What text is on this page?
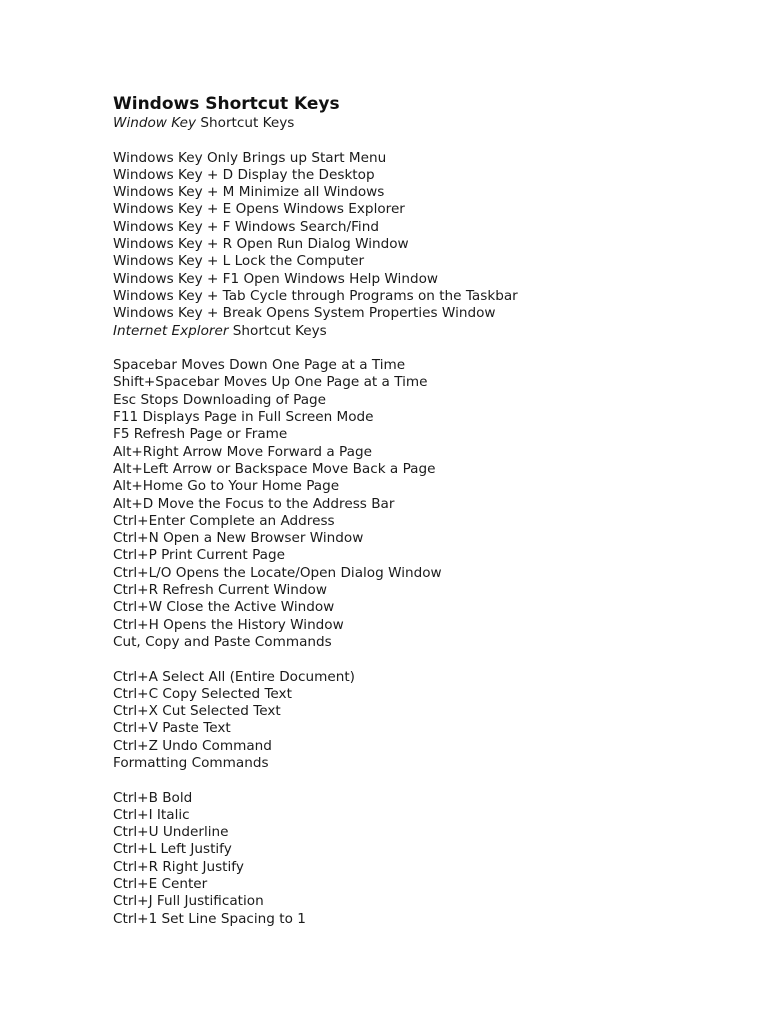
Windows Shortcut Keys
Window Key Shortcut Keys
Windows Key Only Brings up Start Menu
Windows Key + D Display the Desktop
Windows Key + M Minimize all Windows
Windows Key + E Opens Windows Explorer
Windows Key + F Windows Search/Find
Windows Key + R Open Run Dialog Window
Windows Key + L Lock the Computer
Windows Key + F1 Open Windows Help Window
Windows Key + Tab Cycle through Programs on the Taskbar
Windows Key + Break Opens System Properties Window
Internet Explorer Shortcut Keys
Spacebar Moves Down One Page at a Time
Shift+Spacebar Moves Up One Page at a Time
Esc Stops Downloading of Page
F11 Displays Page in Full Screen Mode
F5 Refresh Page or Frame
Alt+Right Arrow Move Forward a Page
Alt+Left Arrow or Backspace Move Back a Page
Alt+Home Go to Your Home Page
Alt+D Move the Focus to the Address Bar
Ctrl+Enter Complete an Address
Ctrl+N Open a New Browser Window
Ctrl+P Print Current Page
Ctrl+L/O Opens the Locate/Open Dialog Window
Ctrl+R Refresh Current Window
Ctrl+W Close the Active Window
Ctrl+H Opens the History Window
Cut, Copy and Paste Commands
Ctrl+A Select All (Entire Document)
Ctrl+C Copy Selected Text
Ctrl+X Cut Selected Text
Ctrl+V Paste Text
Ctrl+Z Undo Command
Formatting Commands
Ctrl+B Bold
Ctrl+I Italic
Ctrl+U Underline
Ctrl+L Left Justify
Ctrl+R Right Justify
Ctrl+E Center
Ctrl+J Full Justification
Ctrl+1 Set Line Spacing to 1
